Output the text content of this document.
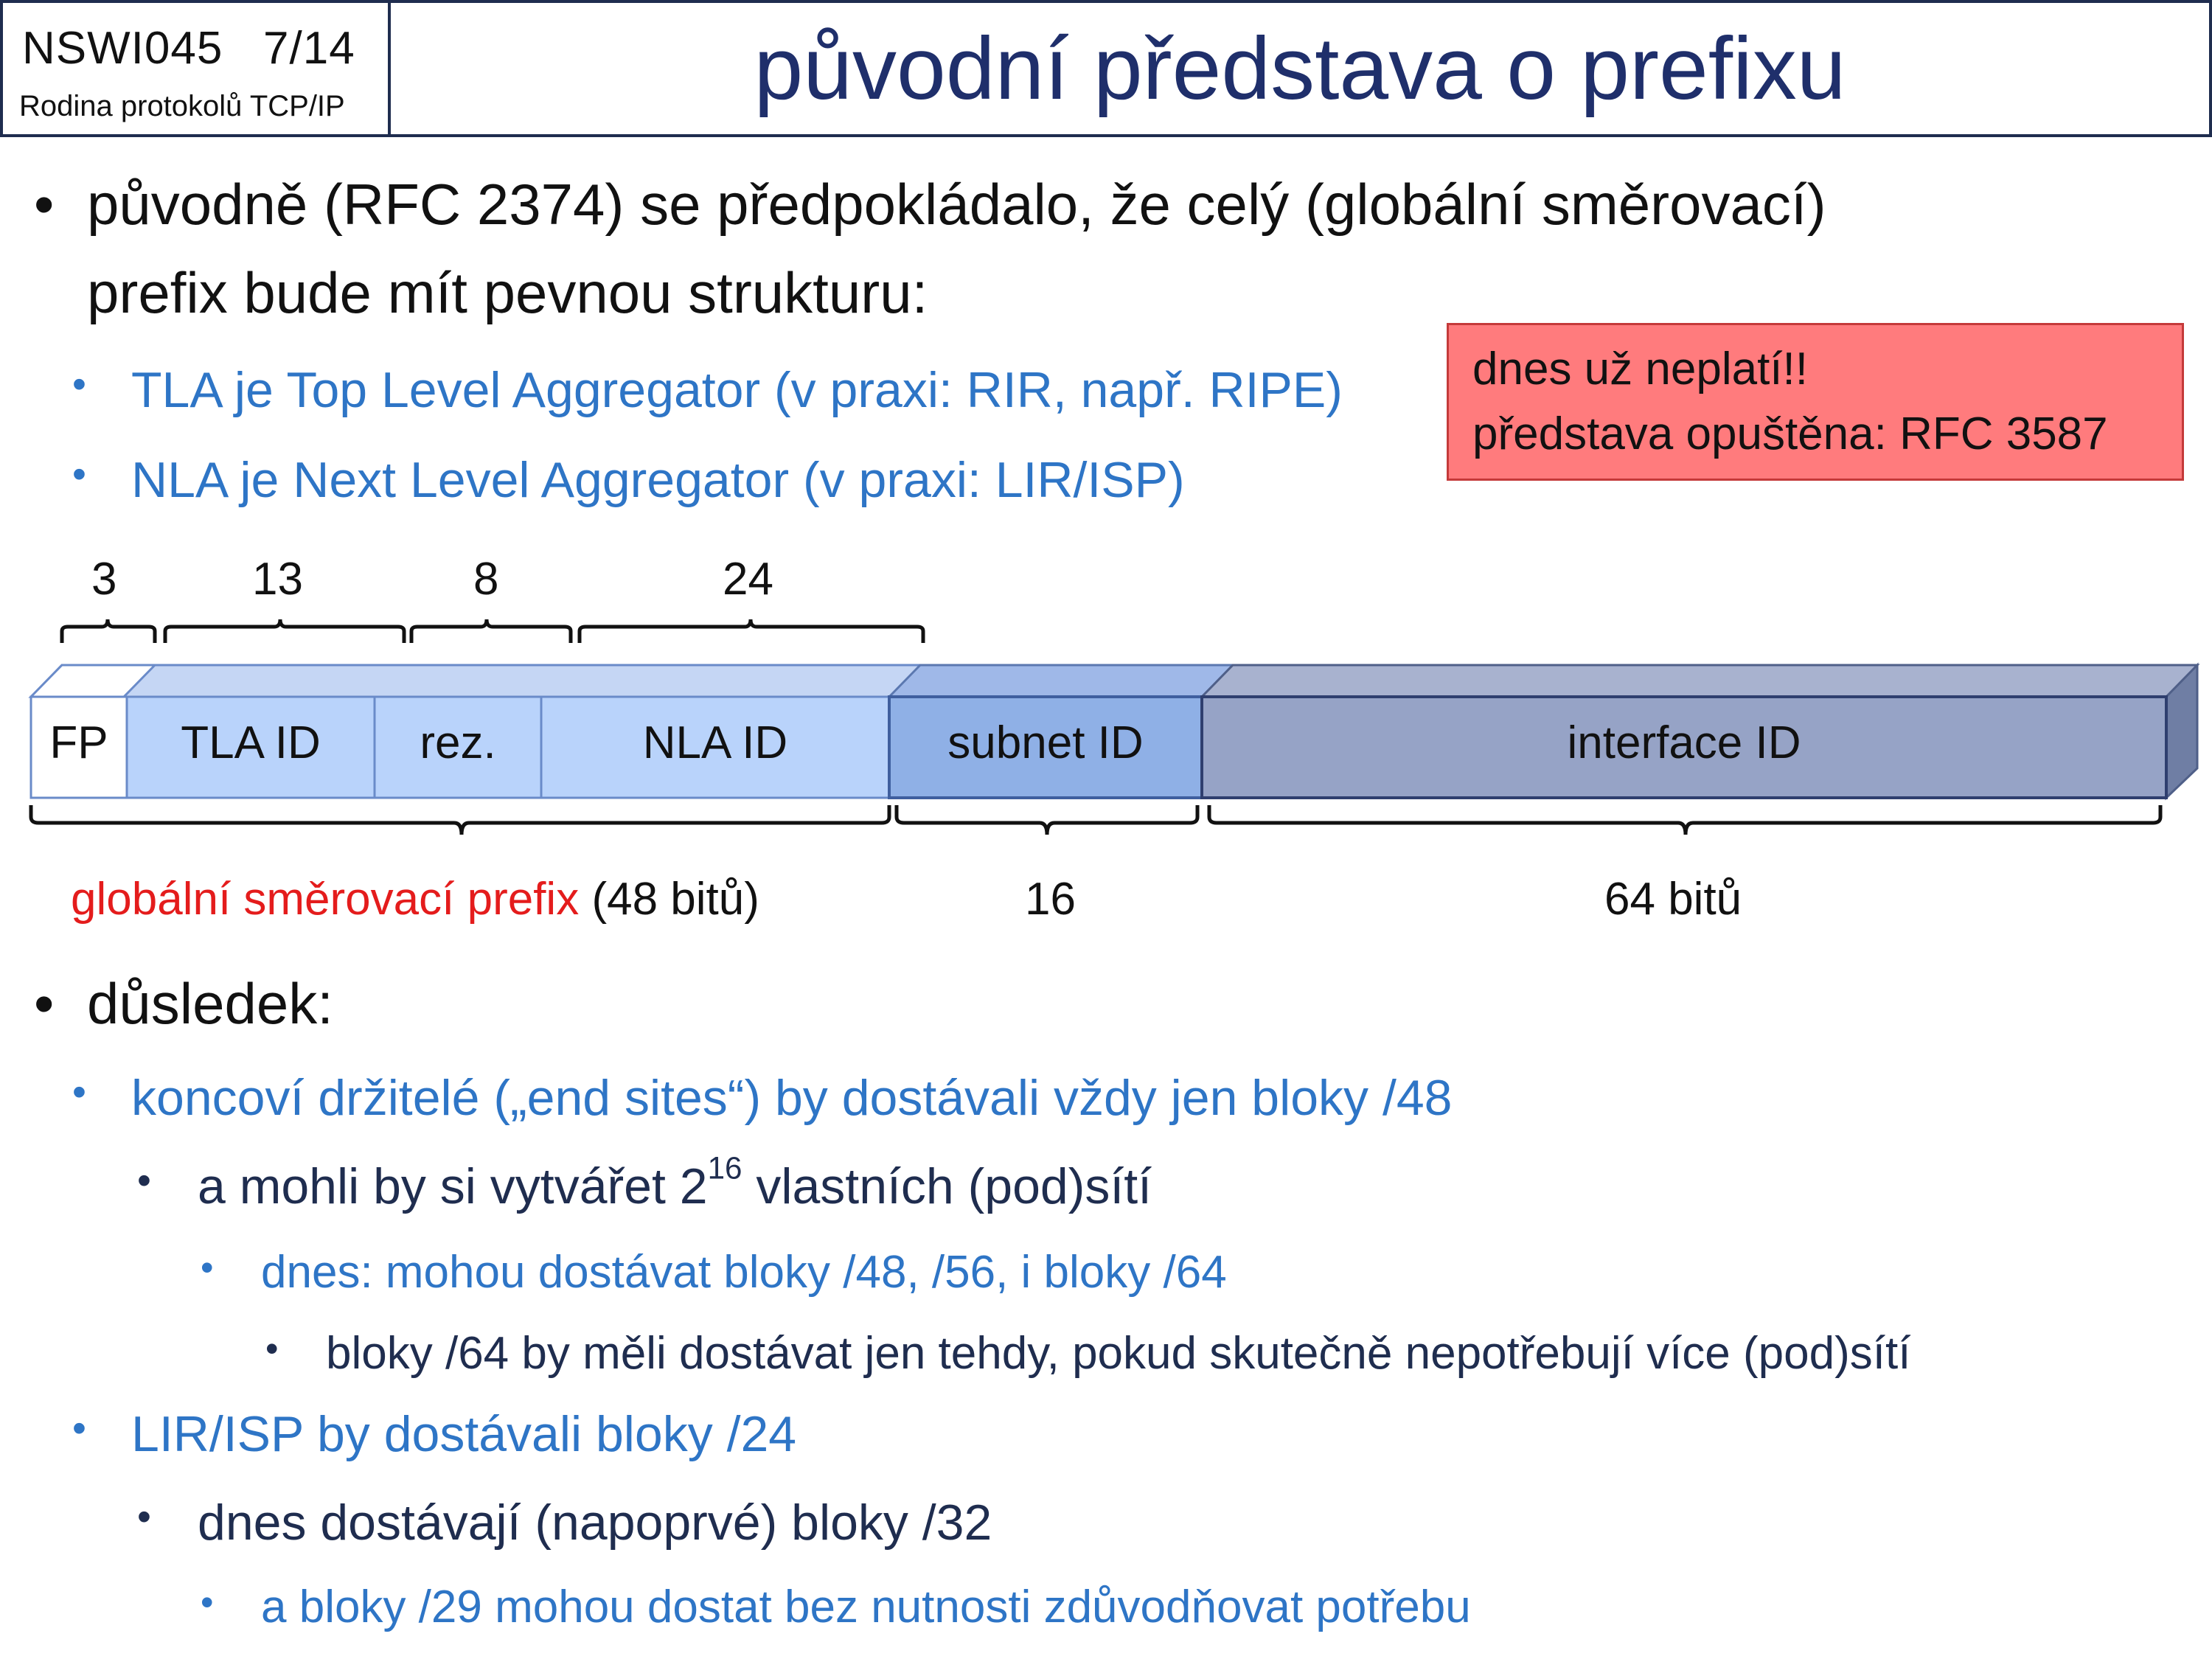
NSWI045 7/14
Rodina protokolů TCP/IP	původní představa o prefixu
• původně (RFC 2374) se předpokládalo, že celý (globální směrovací)
prefix bude mít pevnou strukturu:
• TLA je Top Level Aggregator (v praxi: RIR, např. RIPE)
• NLA je Next Level Aggregator (v praxi: LIR/ISP)
dnes už neplatí!!
představa opuštěna: RFC 3587
3	13	8	24
FP	TLA ID	rez.	NLA ID	subnet ID	interface ID
globální směrovací prefix (48 bitů)	16	64 bitů
• důsledek:
• koncoví držitelé („end sites“) by dostávali vždy jen bloky /48
• a mohli by si vytvářet $2^{16}$ vlastních (pod)sítí
• dnes: mohou dostávat bloky /48, /56, i bloky /64
• bloky /64 by měli dostávat jen tehdy, pokud skutečně nepotřebují více (pod)sítí
• LIR/ISP by dostávali bloky /24
• dnes dostávají (napoprvé) bloky /32
• a bloky /29 mohou dostat bez nutnosti zdůvodňovat potřebu
